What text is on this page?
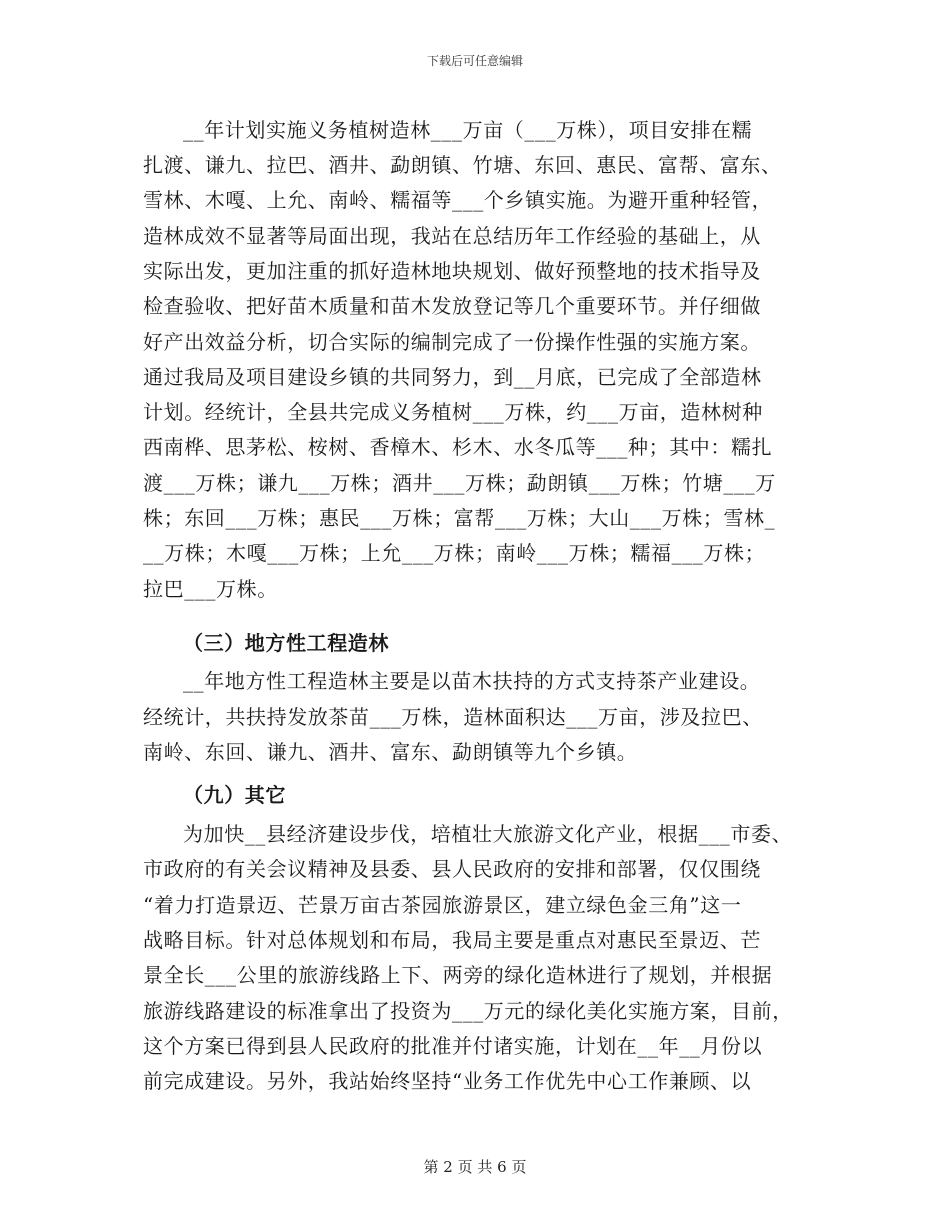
下载后可任意编辑
__年计划实施义务植树造林___万亩（___万株），项目安排在糯
扎渡、谦九、拉巴、酒井、勐朗镇、竹塘、东回、惠民、富帮、富东、
雪林、木嘎、上允、南岭、糯福等___个乡镇实施。为避开重种轻管，
造林成效不显著等局面出现，我站在总结历年工作经验的基础上，从
实际出发，更加注重的抓好造林地块规划、做好预整地的技术指导及
检查验收、把好苗木质量和苗木发放登记等几个重要环节。并仔细做
好产出效益分析，切合实际的编制完成了一份操作性强的实施方案。
通过我局及项目建设乡镇的共同努力，到__月底，已完成了全部造林
计划。经统计，全县共完成义务植树___万株，约___万亩，造林树种
西南桦、思茅松、桉树、香樟木、杉木、水冬瓜等___种；其中：糯扎
渡___万株；谦九___万株；酒井___万株；勐朗镇___万株；竹塘___万
株；东回___万株；惠民___万株；富帮___万株；大山___万株；雪林_
__万株；木嘎___万株；上允___万株；南岭___万株；糯福___万株；
拉巴___万株。
（三）地方性工程造林
__年地方性工程造林主要是以苗木扶持的方式支持茶产业建设。
经统计，共扶持发放茶苗___万株，造林面积达___万亩，涉及拉巴、
南岭、东回、谦九、酒井、富东、勐朗镇等九个乡镇。
（九）其它
为加快__县经济建设步伐，培植壮大旅游文化产业，根据___市委、
市政府的有关会议精神及县委、县人民政府的安排和部署，仅仅围绕
“着力打造景迈、芒景万亩古茶园旅游景区，建立绿色金三角”这一
战略目标。针对总体规划和布局，我局主要是重点对惠民至景迈、芒
景全长___公里的旅游线路上下、两旁的绿化造林进行了规划，并根据
旅游线路建设的标准拿出了投资为___万元的绿化美化实施方案，目前，
这个方案已得到县人民政府的批准并付诸实施，计划在__年__月份以
前完成建设。另外，我站始终坚持“业务工作优先中心工作兼顾、以
第 2 页 共 6 页
